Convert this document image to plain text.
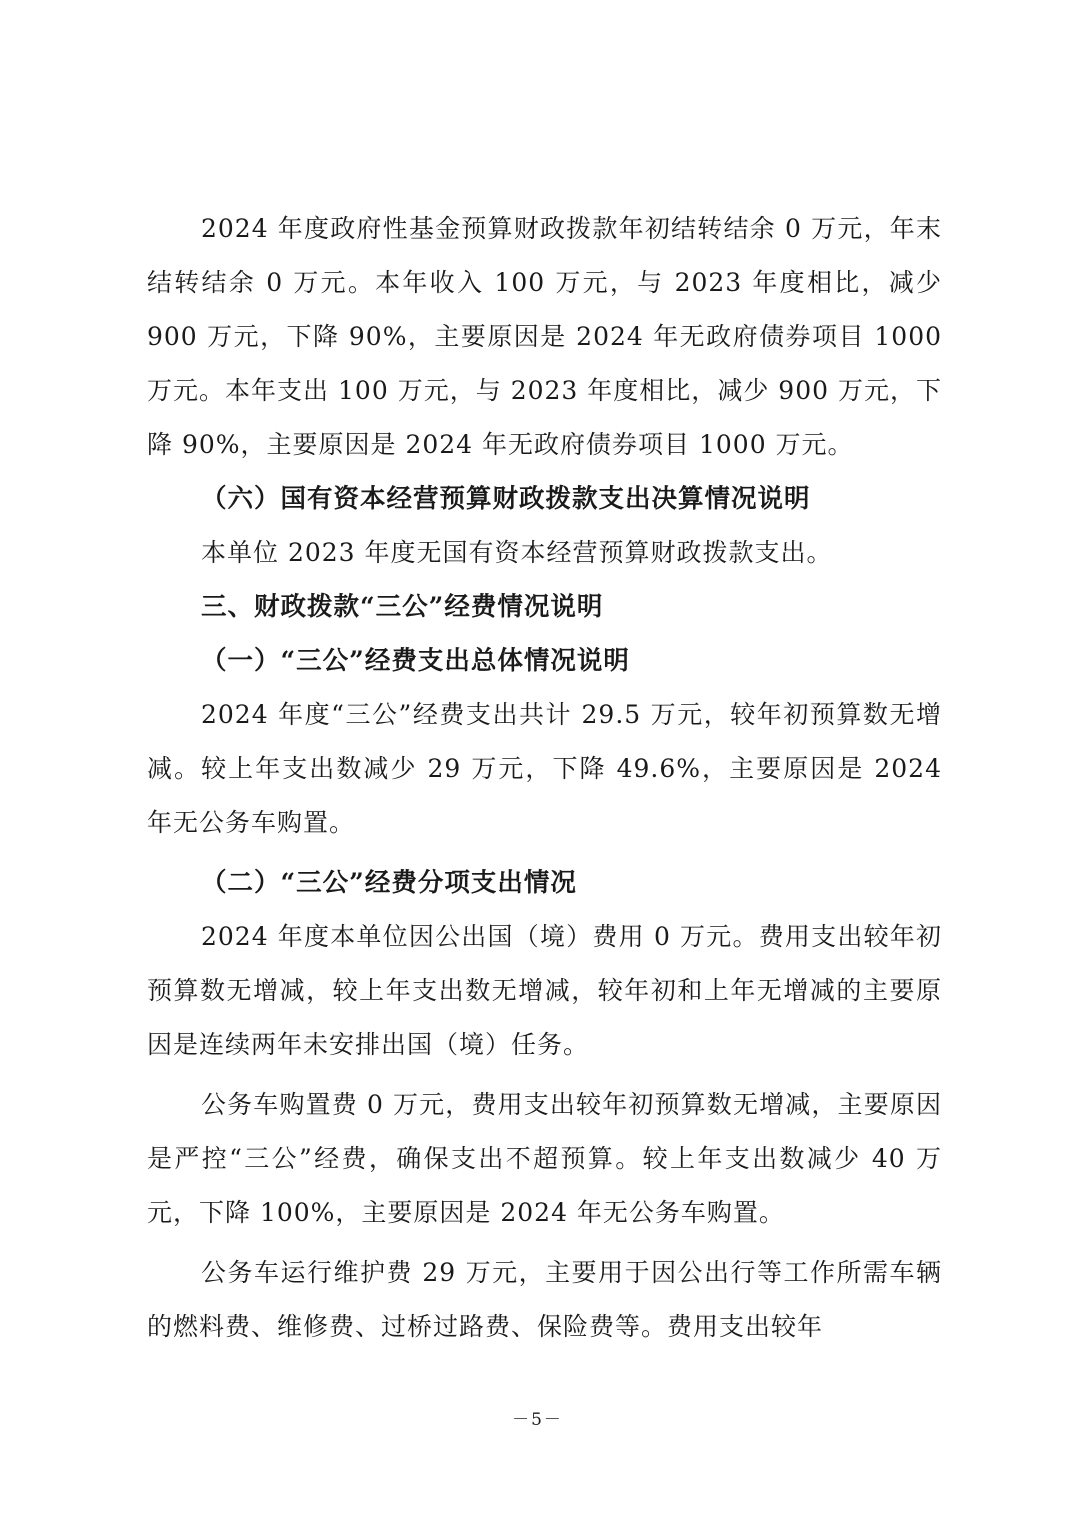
2024 年度政府性基金预算财政拨款年初结转结余 0 万元，年末结转结余 0 万元。本年收入 100 万元，与 2023 年度相比，减少 900 万元，下降 90%，主要原因是 2024 年无政府债券项目 1000 万元。本年支出 100 万元，与 2023 年度相比，减少 900 万元，下降 90%，主要原因是 2024 年无政府债券项目 1000 万元。

（六）国有资本经营预算财政拨款支出决算情况说明

本单位 2023 年度无国有资本经营预算财政拨款支出。

三、财政拨款“三公”经费情况说明

（一）“三公”经费支出总体情况说明

2024 年度“三公”经费支出共计 29.5 万元，较年初预算数无增减。较上年支出数减少 29 万元，下降 49.6%，主要原因是 2024 年无公务车购置。

（二）“三公”经费分项支出情况

2024 年度本单位因公出国（境）费用 0 万元。费用支出较年初预算数无增减，较上年支出数无增减，较年初和上年无增减的主要原因是连续两年未安排出国（境）任务。

公务车购置费 0 万元，费用支出较年初预算数无增减，主要原因是严控“三公”经费，确保支出不超预算。较上年支出数减少 40 万元，下降 100%，主要原因是 2024 年无公务车购置。

公务车运行维护费 29 万元，主要用于因公出行等工作所需车辆的燃料费、维修费、过桥过路费、保险费等。费用支出较年

－5－
